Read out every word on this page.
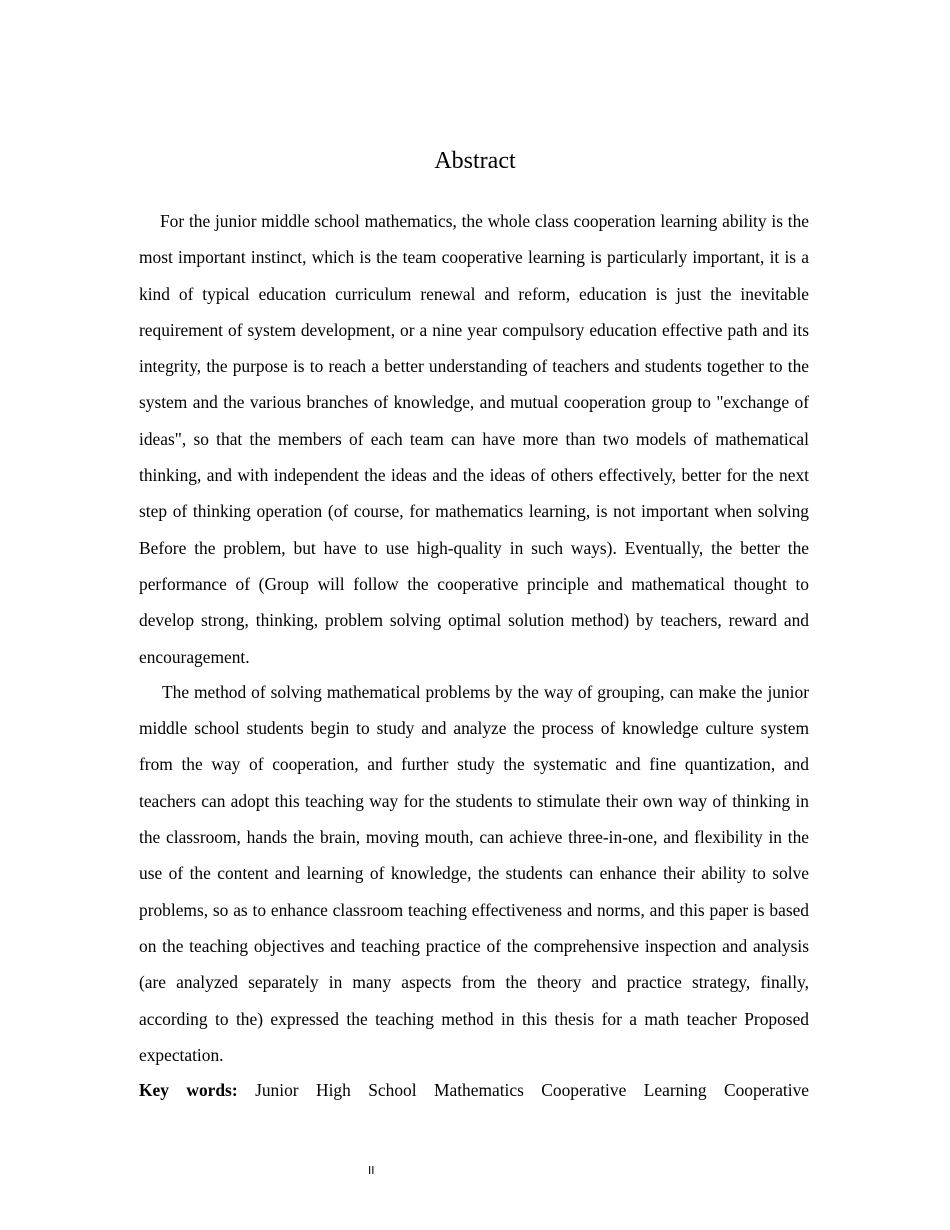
Abstract

For the junior middle school mathematics, the whole class cooperation learning ability is the most important instinct, which is the team cooperative learning is particularly important, it is a kind of typical education curriculum renewal and reform, education is just the inevitable requirement of system development, or a nine year compulsory education effective path and its integrity, the purpose is to reach a better understanding of teachers and students together to the system and the various branches of knowledge, and mutual cooperation group to "exchange of ideas", so that the members of each team can have more than two models of mathematical thinking, and with independent the ideas and the ideas of others effectively, better for the next step of thinking operation (of course, for mathematics learning, is not important when solving Before the problem, but have to use high-quality in such ways). Eventually, the better the performance of (Group will follow the cooperative principle and mathematical thought to develop strong, thinking, problem solving optimal solution method) by teachers, reward and encouragement.

The method of solving mathematical problems by the way of grouping, can make the junior middle school students begin to study and analyze the process of knowledge culture system from the way of cooperation, and further study the systematic and fine quantization, and teachers can adopt this teaching way for the students to stimulate their own way of thinking in the classroom, hands the brain, moving mouth, can achieve three-in-one, and flexibility in the use of the content and learning of knowledge, the students can enhance their ability to solve problems, so as to enhance classroom teaching effectiveness and norms, and this paper is based on the teaching objectives and teaching practice of the comprehensive inspection and analysis (are analyzed separately in many aspects from the theory and practice strategy, finally, according to the) expressed the teaching method in this thesis for a math teacher Proposed expectation.

Key words: Junior High School Mathematics Cooperative Learning Cooperative

II
